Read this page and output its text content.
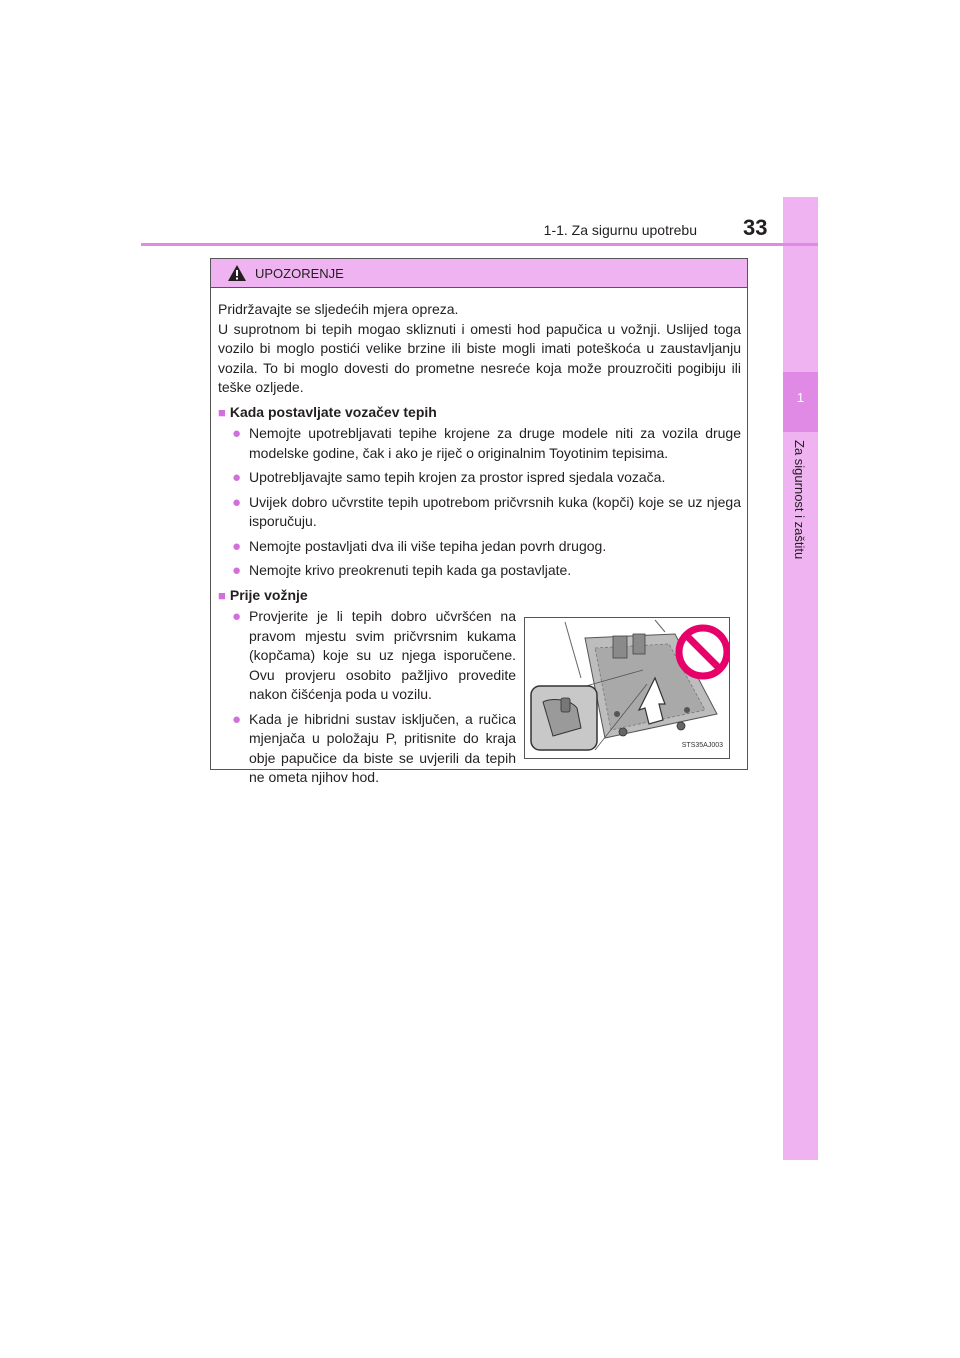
1
Za sigurnost i zaštitu
1-1. Za sigurnu upotrebu 33
UPOZORENJE

Pridržavajte se sljedećih mjera opreza.
U suprotnom bi tepih mogao skliznuti i omesti hod papučica u vožnji. Uslijed toga vozilo bi moglo postići velike brzine ili biste mogli imati poteškoća u zaustavljanju vozila. To bi moglo dovesti do prometne nesreće koja može prouzročiti pogibiju ili teške ozljede.

■ Kada postavljate vozačev tepih
● Nemojte upotrebljavati tepihe krojene za druge modele niti za vozila druge modelske godine, čak i ako je riječ o originalnim Toyotinim tepisima.
● Upotrebljavajte samo tepih krojen za prostor ispred sjedala vozača.
● Uvijek dobro učvrstite tepih upotrebom pričvrsnih kuka (kopči) koje se uz njega isporučuju.
● Nemojte postavljati dva ili više tepiha jedan povrh drugog.
● Nemojte krivo preokrenuti tepih kada ga postavljate.
■ Prije vožnje
● Provjerite je li tepih dobro učvršćen na pravom mjestu svim pričvrsnim kukama (kopčama) koje su uz njega isporučene. Ovu provjeru osobito pažljivo provedite nakon čišćenja poda u vozilu.
● Kada je hibridni sustav isključen, a ručica mjenjača u položaju P, pritisnite do kraja obje papučice da biste se uvjerili da tepih ne ometa njihov hod.
STS35AJ003
